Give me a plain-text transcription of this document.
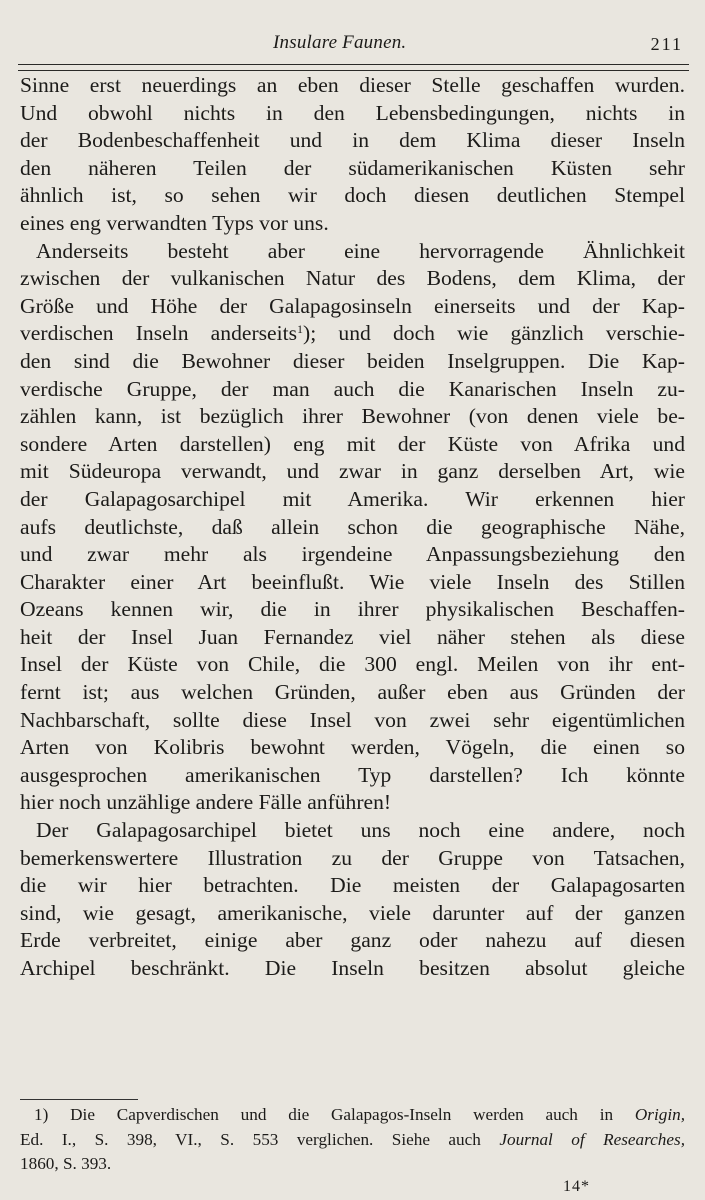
Insulare Faunen.	211

Sinne erst neuerdings an eben dieser Stelle geschaffen wurden.
Und obwohl nichts in den Lebensbedingungen, nichts in
der Bodenbeschaffenheit und in dem Klima dieser Inseln
den näheren Teilen der südamerikanischen Küsten sehr
ähnlich ist, so sehen wir doch diesen deutlichen Stempel
eines eng verwandten Typs vor uns.

Anderseits besteht aber eine hervorragende Ähnlichkeit
zwischen der vulkanischen Natur des Bodens, dem Klima, der
Größe und Höhe der Galapagosinseln einerseits und der Kap-
verdischen Inseln anderseits$^1$); und doch wie gänzlich verschie-
den sind die Bewohner dieser beiden Inselgruppen. Die Kap-
verdische Gruppe, der man auch die Kanarischen Inseln zu-
zählen kann, ist bezüglich ihrer Bewohner (von denen viele be-
sondere Arten darstellen) eng mit der Küste von Afrika und
mit Südeuropa verwandt, und zwar in ganz derselben Art, wie
der Galapagosarchipel mit Amerika. Wir erkennen hier
aufs deutlichste, daß allein schon die geographische Nähe,
und zwar mehr als irgendeine Anpassungsbeziehung den
Charakter einer Art beeinflußt. Wie viele Inseln des Stillen
Ozeans kennen wir, die in ihrer physikalischen Beschaffen-
heit der Insel Juan Fernandez viel näher stehen als diese
Insel der Küste von Chile, die 300 engl. Meilen von ihr ent-
fernt ist; aus welchen Gründen, außer eben aus Gründen der
Nachbarschaft, sollte diese Insel von zwei sehr eigentümlichen
Arten von Kolibris bewohnt werden, Vögeln, die einen so
ausgesprochen amerikanischen Typ darstellen? Ich könnte
hier noch unzählige andere Fälle anführen!

Der Galapagosarchipel bietet uns noch eine andere, noch
bemerkenswertere Illustration zu der Gruppe von Tatsachen,
die wir hier betrachten. Die meisten der Galapagosarten
sind, wie gesagt, amerikanische, viele darunter auf der ganzen
Erde verbreitet, einige aber ganz oder nahezu auf diesen
Archipel beschränkt. Die Inseln besitzen absolut gleiche

1) Die Capverdischen und die Galapagos-Inseln werden auch in Origin,
Ed. I., S. 398, VI., S. 553 verglichen. Siehe auch Journal of Researches,
1860, S. 393.
14*
